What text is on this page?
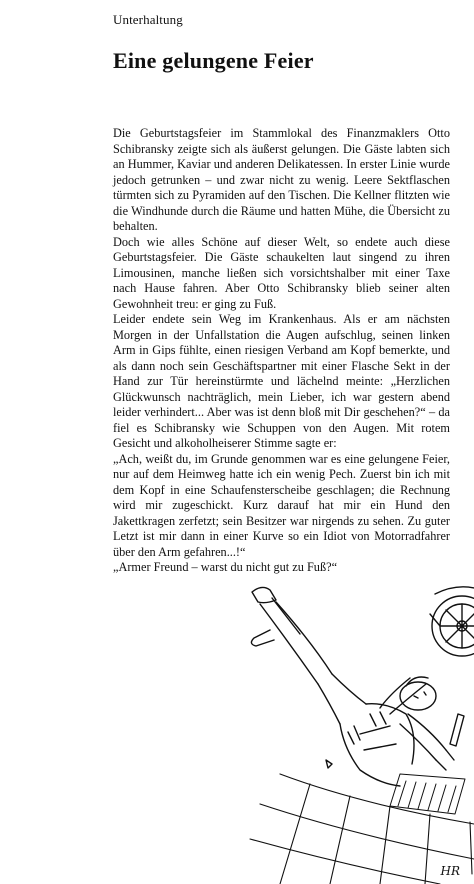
Unterhaltung
Eine gelungene Feier

Die Geburtstagsfeier im Stammlokal des Finanzmaklers Otto Schibransky zeigte sich als äußerst gelungen. Die Gäste labten sich an Hummer, Kaviar und anderen Delikatessen. In erster Linie wurde jedoch getrunken – und zwar nicht zu wenig. Leere Sektflaschen türmten sich zu Pyramiden auf den Tischen. Die Kellner flitzten wie die Windhunde durch die Räume und hatten Mühe, die Übersicht zu behalten.

Doch wie alles Schöne auf dieser Welt, so endete auch diese Geburtstagsfeier. Die Gäste schaukelten laut singend zu ihren Limousinen, manche ließen sich vorsichtshalber mit einer Taxe nach Hause fahren. Aber Otto Schibransky blieb seiner alten Gewohnheit treu: er ging zu Fuß.

Leider endete sein Weg im Krankenhaus. Als er am nächsten Morgen in der Unfallstation die Augen aufschlug, seinen linken Arm in Gips fühlte, einen riesigen Verband am Kopf bemerkte, und als dann noch sein Geschäftspartner mit einer Flasche Sekt in der Hand zur Tür hereinstürmte und lächelnd meinte: „Herzlichen Glückwunsch nachträglich, mein Lieber, ich war gestern abend leider verhindert... Aber was ist denn bloß mit Dir geschehen?“ – da fiel es Schibransky wie Schuppen von den Augen. Mit rotem Gesicht und alkoholheiserer Stimme sagte er:

„Ach, weißt du, im Grunde genommen war es eine gelungene Feier, nur auf dem Heimweg hatte ich ein wenig Pech. Zuerst bin ich mit dem Kopf in eine Schaufensterscheibe geschlagen; die Rechnung wird mir zugeschickt. Kurz darauf hat mir ein Hund den Jakettkragen zerfetzt; sein Besitzer war nirgends zu sehen. Zu guter Letzt ist mir dann in einer Kurve so ein Idiot von Motorradfahrer über den Arm gefahren...!“

„Armer Freund – warst du nicht gut zu Fuß?“

HR
